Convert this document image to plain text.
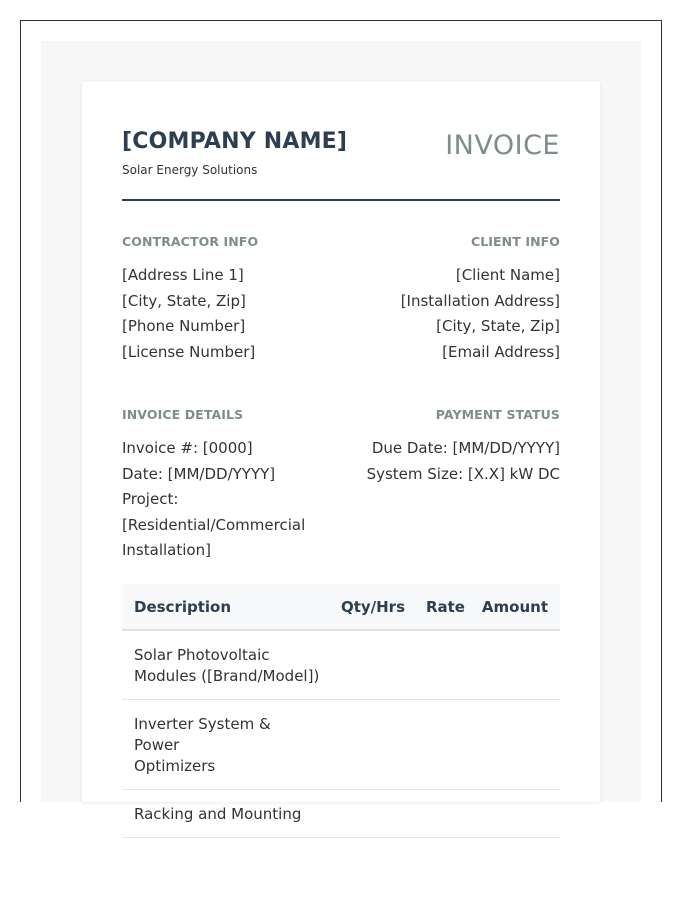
[COMPANY NAME]
Solar Energy Solutions
INVOICE
CONTRACTOR INFO
[Address Line 1]
[City, State, Zip]
[Phone Number]
[License Number]
CLIENT INFO
[Client Name]
[Installation Address]
[City, State, Zip]
[Email Address]
INVOICE DETAILS
Invoice #: [0000]
Date: [MM/DD/YYYY]
Project:
[Residential/Commercial
Installation]
PAYMENT STATUS
Due Date: [MM/DD/YYYY]
System Size: [X.X] kW DC
Description	Qty/Hrs	Rate	Amount

Solar Photovoltaic
Modules ([Brand/Model])			

Inverter System & Power
Optimizers			

Racking and Mounting			
